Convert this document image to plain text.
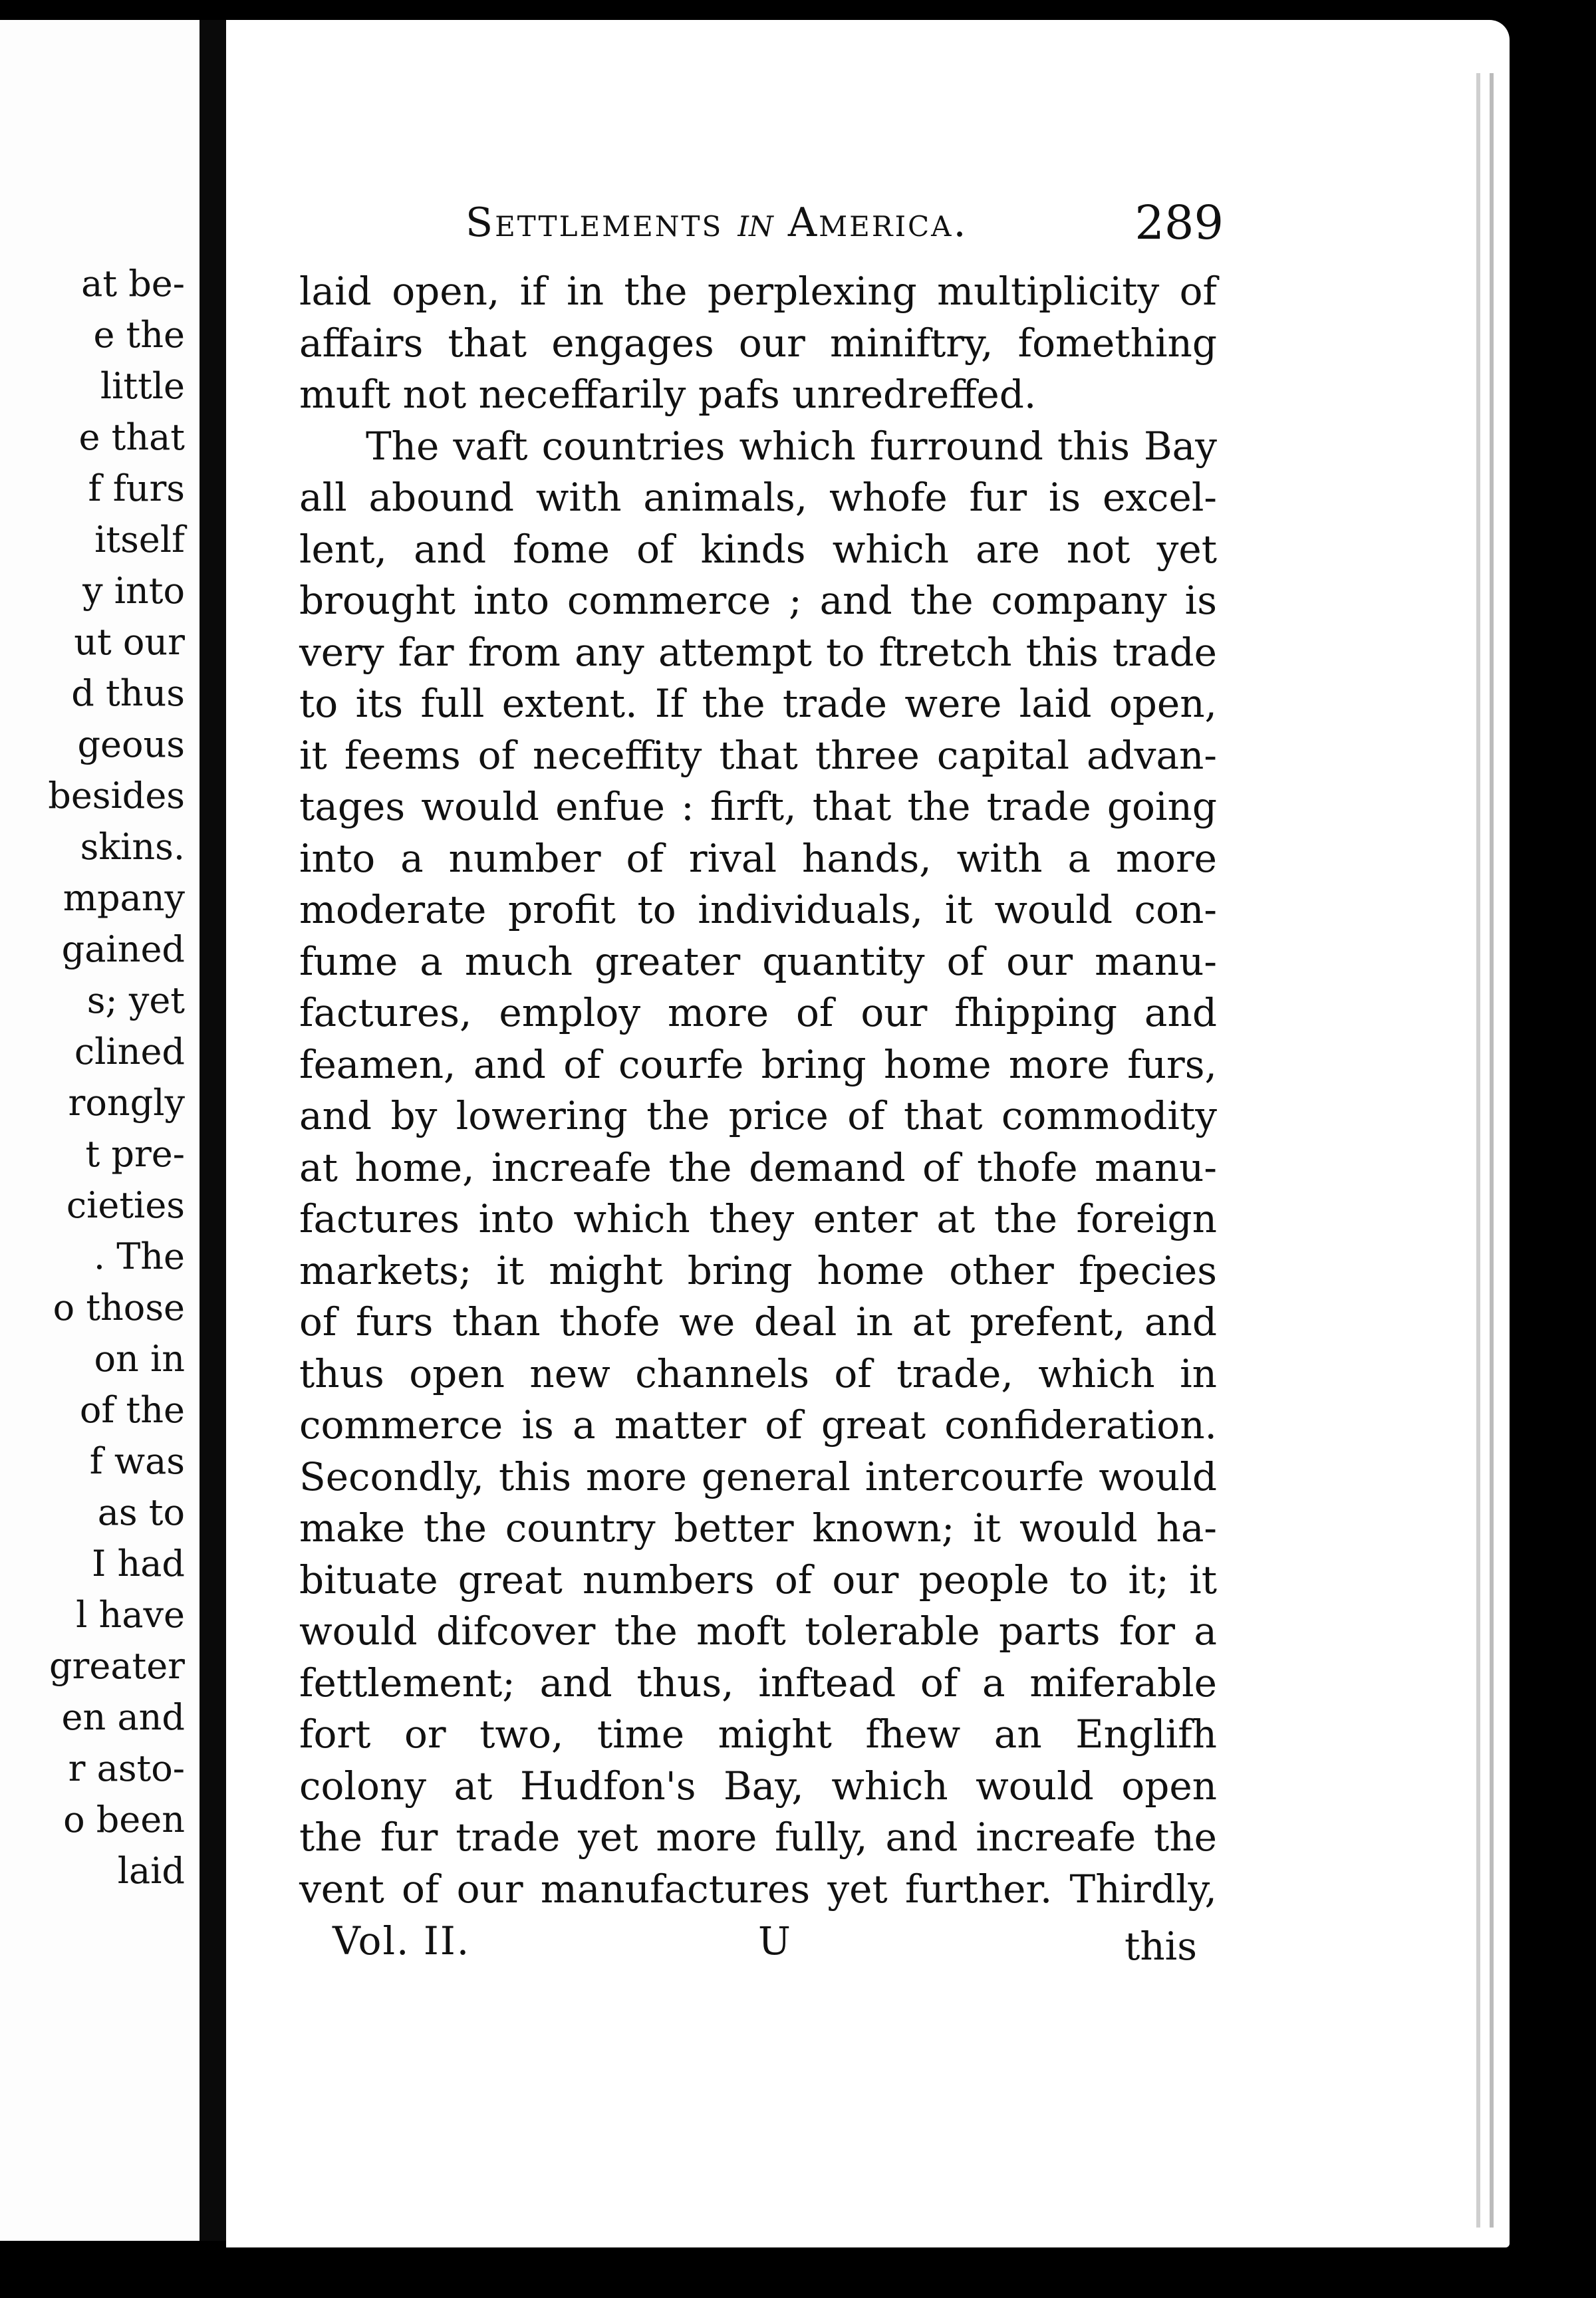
at be-
e the
little
e that
f furs
itself
y into
ut our
d thus
geous
besides
skins.
mpany
gained
s; yet
clined
rongly
t pre-
cieties
. The
o those
on in
of the
f was
as to
I had
l have
greater
en and
r asto-
o been
laid
Settlements in America.	289
laid open, if in the perplexing multiplicity of
affairs that engages our miniftry, fomething
muft not neceffarily pafs unredreffed.
The vaft countries which furround this Bay
all abound with animals, whofe fur is excel-
lent, and fome of kinds which are not yet
brought into commerce ; and the company is
very far from any attempt to ftretch this trade
to its full extent. If the trade were laid open,
it feems of neceffity that three capital advan-
tages would enfue : firft, that the trade going
into a number of rival hands, with a more
moderate profit to individuals, it would con-
fume a much greater quantity of our manu-
factures, employ more of our fhipping and
feamen, and of courfe bring home more furs,
and by lowering the price of that commodity
at home, increafe the demand of thofe manu-
factures into which they enter at the foreign
markets; it might bring home other fpecies
of furs than thofe we deal in at prefent, and
thus open new channels of trade, which in
commerce is a matter of great confideration.
Secondly, this more general intercourfe would
make the country better known; it would ha-
bituate great numbers of our people to it; it
would difcover the moft tolerable parts for a
fettlement; and thus, inftead of a miferable
fort or two, time might fhew an Englifh
colony at Hudfon's Bay, which would open
the fur trade yet more fully, and increafe the
vent of our manufactures yet further. Thirdly,
Vol. II.	U	this
